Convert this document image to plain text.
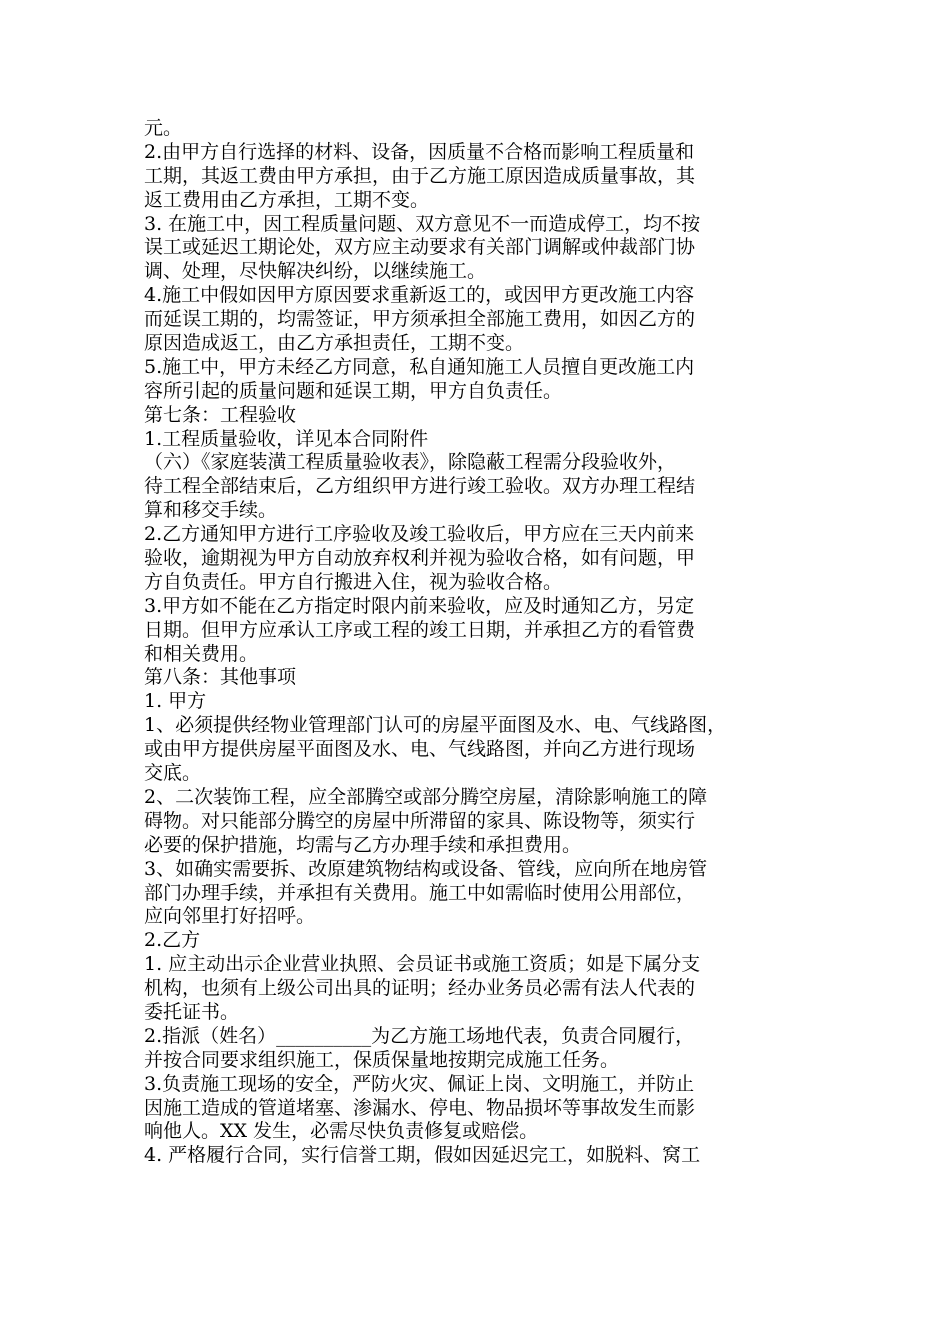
元。
2.由甲方自行选择的材料、设备，因质量不合格而影响工程质量和
工期，其返工费由甲方承担，由于乙方施工原因造成质量事故，其
返工费用由乙方承担，工期不变。
3. 在施工中，因工程质量问题、双方意见不一而造成停工，均不按
误工或延迟工期论处，双方应主动要求有关部门调解或仲裁部门协
调、处理，尽快解决纠纷，以继续施工。
4.施工中假如因甲方原因要求重新返工的，或因甲方更改施工内容
而延误工期的，均需签证，甲方须承担全部施工费用，如因乙方的
原因造成返工，由乙方承担责任，工期不变。
5.施工中，甲方未经乙方同意，私自通知施工人员擅自更改施工内
容所引起的质量问题和延误工期，甲方自负责任。
第七条：工程验收
1.工程质量验收，详见本合同附件
（六）《家庭装潢工程质量验收表》，除隐蔽工程需分段验收外，
待工程全部结束后，乙方组织甲方进行竣工验收。双方办理工程结
算和移交手续。
2.乙方通知甲方进行工序验收及竣工验收后，甲方应在三天内前来
验收，逾期视为甲方自动放弃权利并视为验收合格，如有问题，甲
方自负责任。甲方自行搬进入住，视为验收合格。
3.甲方如不能在乙方指定时限内前来验收，应及时通知乙方，另定
日期。但甲方应承认工序或工程的竣工日期，并承担乙方的看管费
和相关费用。
第八条：其他事项
1. 甲方
1、必须提供经物业管理部门认可的房屋平面图及水、电、气线路图，
或由甲方提供房屋平面图及水、电、气线路图，并向乙方进行现场
交底。
2、二次装饰工程，应全部腾空或部分腾空房屋，清除影响施工的障
碍物。对只能部分腾空的房屋中所滞留的家具、陈设物等，须实行
必要的保护措施，均需与乙方办理手续和承担费用。
3、如确实需要拆、改原建筑物结构或设备、管线，应向所在地房管
部门办理手续，并承担有关费用。施工中如需临时使用公用部位，
应向邻里打好招呼。
2.乙方
1. 应主动出示企业营业执照、会员证书或施工资质；如是下属分支
机构，也须有上级公司出具的证明；经办业务员必需有法人代表的
委托证书。
2.指派（姓名）__________为乙方施工场地代表，负责合同履行，
并按合同要求组织施工，保质保量地按期完成施工任务。
3.负责施工现场的安全，严防火灾、佩证上岗、文明施工，并防止
因施工造成的管道堵塞、渗漏水、停电、物品损坏等事故发生而影
响他人。XX 发生，必需尽快负责修复或赔偿。
4. 严格履行合同，实行信誉工期，假如因延迟完工，如脱料、窝工
